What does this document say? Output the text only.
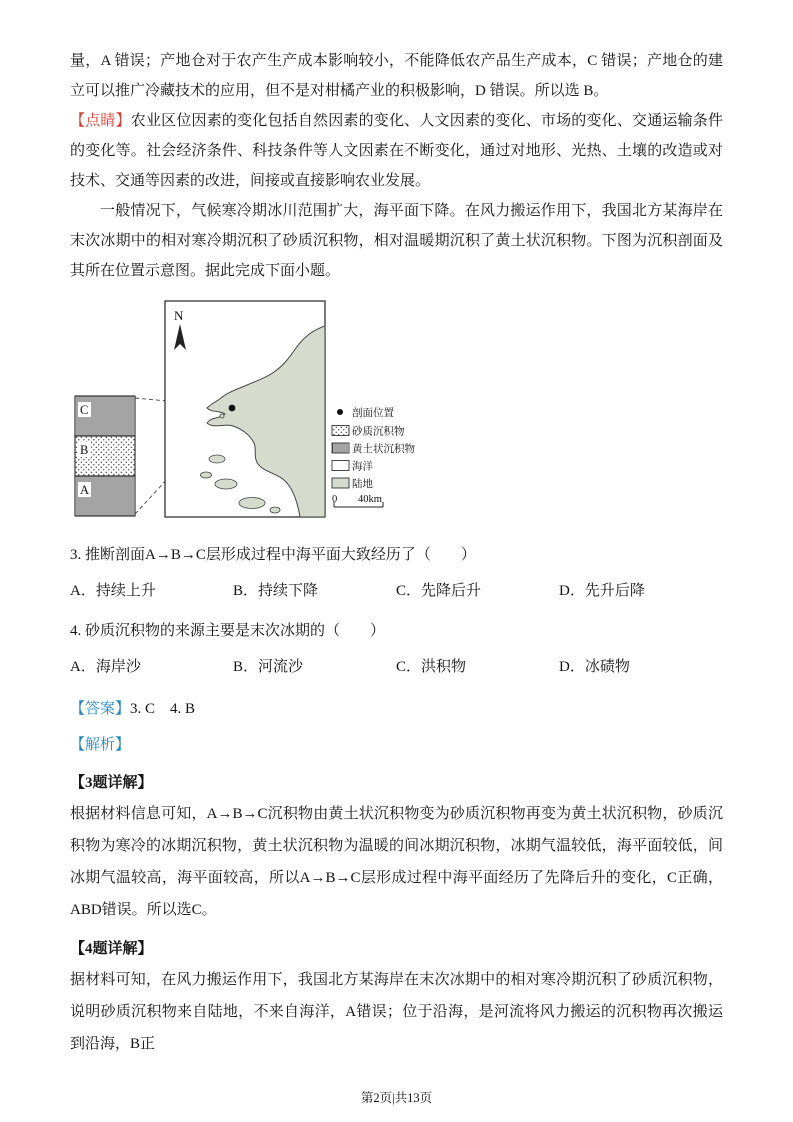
量，A 错误；产地仓对于农产生产成本影响较小，不能降低农产品生产成本，C 错误；产地仓的建立可以推广冷藏技术的应用，但不是对柑橘产业的积极影响，D 错误。所以选 B。

【点睛】农业区位因素的变化包括自然因素的变化、人文因素的变化、市场的变化、交通运输条件的变化等。社会经济条件、科技条件等人文因素在不断变化，通过对地形、光热、土壤的改造或对技术、交通等因素的改进，间接或直接影响农业发展。

一般情况下，气候寒冷期冰川范围扩大，海平面下降。在风力搬运作用下，我国北方某海岸在末次冰期中的相对寒冷期沉积了砂质沉积物，相对温暖期沉积了黄土状沉积物。下图为沉积剖面及其所在位置示意图。据此完成下面小题。

C
B
A
N
剖面位置
砂质沉积物
黄土状沉积物
海洋
陆地
0 40km

3. 推断剖面A→B→C层形成过程中海平面大致经历了（　　）

A．持续上升	B．持续下降	C．先降后升	D．先升后降

4. 砂质沉积物的来源主要是末次冰期的（　　）

A．海岸沙	B．河流沙	C．洪积物	D．冰碛物

【答案】3. C    4. B

【解析】

【3题详解】

根据材料信息可知，A→B→C沉积物由黄土状沉积物变为砂质沉积物再变为黄土状沉积物，砂质沉积物为寒冷的冰期沉积物，黄土状沉积物为温暖的间冰期沉积物，冰期气温较低，海平面较低，间冰期气温较高，海平面较高，所以A→B→C层形成过程中海平面经历了先降后升的变化，C正确，ABD错误。所以选C。

【4题详解】

据材料可知，在风力搬运作用下，我国北方某海岸在末次冰期中的相对寒冷期沉积了砂质沉积物，说明砂质沉积物来自陆地，不来自海洋，A错误；位于沿海，是河流将风力搬运的沉积物再次搬运到沿海，B正

第2页|共13页
